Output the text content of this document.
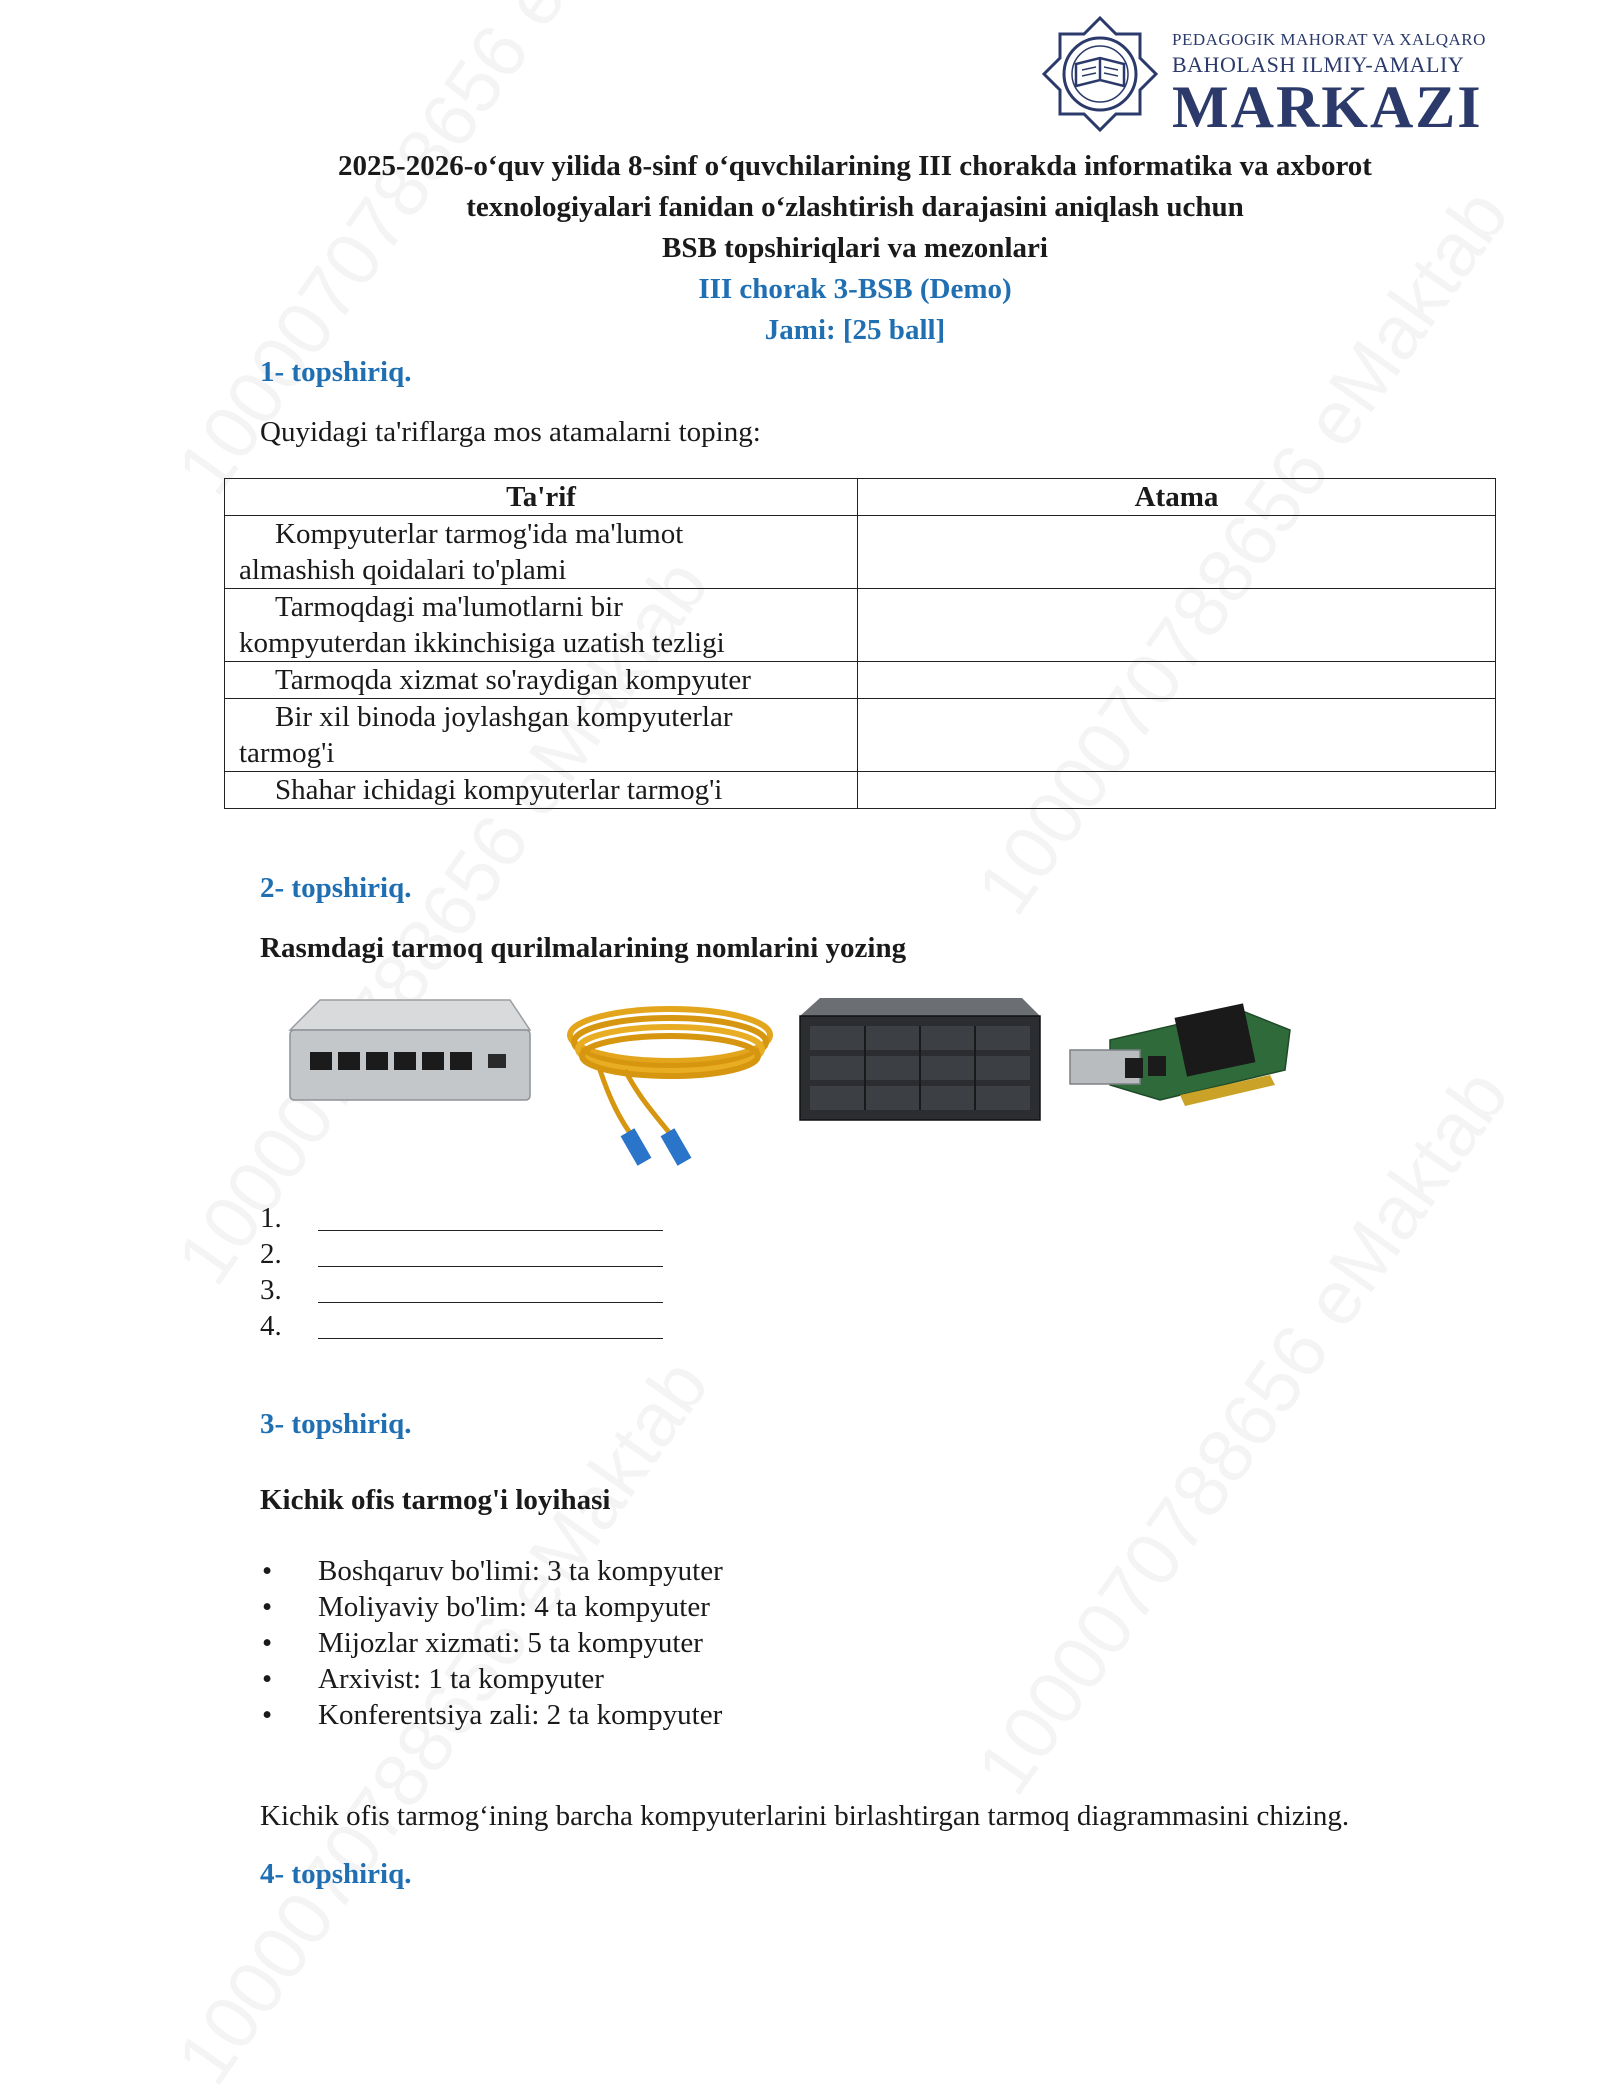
PEDAGOGIK MAHORAT VA XALQARO
BAHOLASH ILMIY-AMALIY
MARKAZI
2025-2026-o‘quv yilida 8-sinf o‘quvchilarining III chorakda informatika va axborot
texnologiyalari fanidan o‘zlashtirish darajasini aniqlash uchun
BSB topshiriqlari va mezonlari
III chorak 3-BSB (Demo)
Jami: [25 ball]
1- topshiriq.
Quyidagi ta'riflarga mos atamalarni toping:
Ta'rif	Atama
Kompyuterlar tarmog'ida ma'lumot
almashish qoidalari to'plami	
Tarmoqdagi ma'lumotlarni bir
kompyuterdan ikkinchisiga uzatish tezligi	
Tarmoqda xizmat so'raydigan kompyuter	
Bir xil binoda joylashgan kompyuterlar
tarmog'i	
Shahar ichidagi kompyuterlar tarmog'i	
2- topshiriq.
Rasmdagi tarmoq qurilmalarining nomlarini yozing
1.
2.
3.
4.
3- topshiriq.
Kichik ofis tarmog'i loyihasi
• Boshqaruv bo'limi: 3 ta kompyuter
• Moliyaviy bo'lim: 4 ta kompyuter
• Mijozlar xizmati: 5 ta kompyuter
• Arxivist: 1 ta kompyuter
• Konferentsiya zali: 2 ta kompyuter
Kichik ofis tarmog‘ining barcha kompyuterlarini birlashtirgan tarmoq diagrammasini chizing.
4- topshiriq.
